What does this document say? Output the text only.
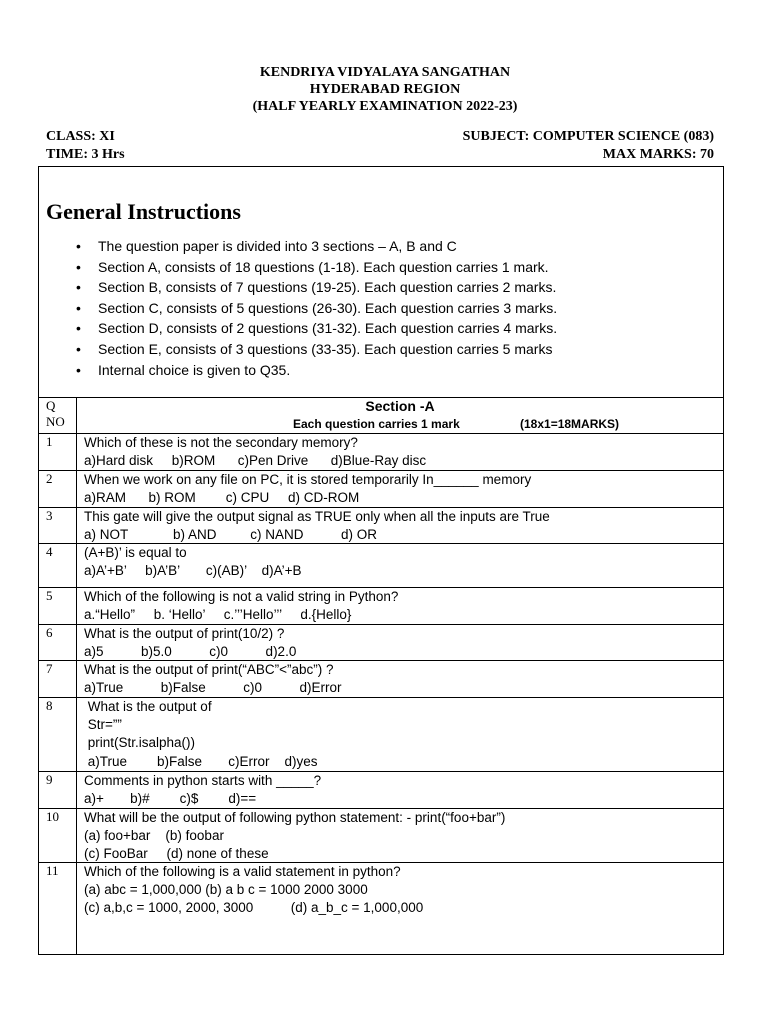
KENDRIYA VIDYALAYA SANGATHAN
HYDERABAD REGION
(HALF YEARLY EXAMINATION 2022-23)
CLASS: XI	SUBJECT: COMPUTER SCIENCE (083)
TIME: 3 Hrs	MAX MARKS: 70
General Instructions
• The question paper is divided into 3 sections – A, B and C
• Section A, consists of 18 questions (1-18). Each question carries 1 mark.
• Section B, consists of 7 questions (19-25). Each question carries 2 marks.
• Section C, consists of 5 questions (26-30). Each question carries 3 marks.
• Section D, consists of 2 questions (31-32). Each question carries 4 marks.
• Section E, consists of 3 questions (33-35). Each question carries 5 marks
• Internal choice is given to Q35.
Q
NO
Section -A
Each question carries 1 mark	(18x1=18MARKS)
1 Which of these is not the secondary memory?
a)Hard disk     b)ROM      c)Pen Drive      d)Blue-Ray disc
2 When we work on any file on PC, it is stored temporarily In______ memory
a)RAM      b) ROM        c) CPU     d) CD-ROM
3 This gate will give the output signal as TRUE only when all the inputs are True
a) NOT            b) AND         c) NAND          d) OR
4 (A+B)’ is equal to
a)A’+B’     b)A’B’       c)(AB)’    d)A’+B
5 Which of the following is not a valid string in Python?
a.“Hello”     b. ‘Hello’     c.’’’Hello’’’     d.{Hello}
6 What is the output of print(10/2) ?
a)5          b)5.0          c)0          d)2.0
7 What is the output of print(“ABC”<”abc”) ?
a)True          b)False          c)0          d)Error
8	What is the output of
Str=””
print(Str.isalpha())
a)True        b)False       c)Error    d)yes
9 Comments in python starts with _____?
a)+       b)#        c)$        d)==
10 What will be the output of following python statement: - print(“foo+bar”)
(a) foo+bar    (b) foobar
(c) FooBar     (d) none of these
11 Which of the following is a valid statement in python?
(a) abc = 1,000,000 (b) a b c = 1000 2000 3000
(c) a,b,c = 1000, 2000, 3000          (d) a_b_c = 1,000,000
